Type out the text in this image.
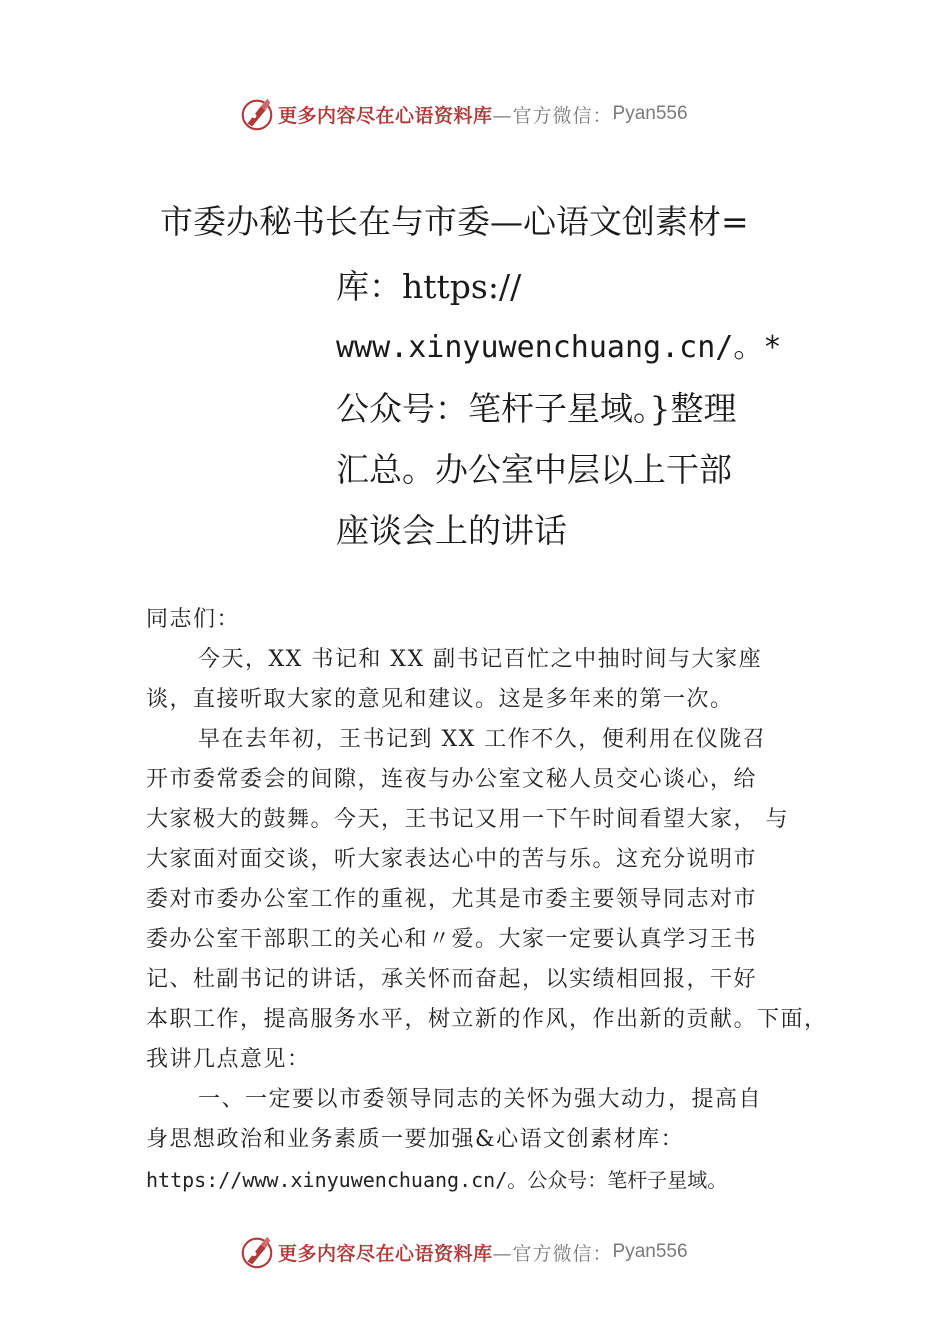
更多内容尽在心语资料库 —官方微信： Pyan556
市委办秘书长在与市委—心语文创素材=
库：https://
www.xinyuwenchuang.cn/。*
公众号：笔杆子星域。}整理
汇总。办公室中层以上干部
座谈会上的讲话
同志们：
今天，XX 书记和 XX 副书记百忙之中抽时间与大家座
谈，直接听取大家的意见和建议。这是多年来的第一次。
早在去年初，王书记到 XX 工作不久，便利用在仪陇召
开市委常委会的间隙，连夜与办公室文秘人员交心谈心，给
大家极大的鼓舞。今天，王书记又用一下午时间看望大家， 与
大家面对面交谈，听大家表达心中的苦与乐。这充分说明市
委对市委办公室工作的重视，尤其是市委主要领导同志对市
委办公室干部职工的关心和〃爱。大家一定要认真学习王书
记、杜副书记的讲话，承关怀而奋起，以实绩相回报，干好
本职工作，提高服务水平，树立新的作风，作出新的贡献。下面，
我讲几点意见：
一、一定要以市委领导同志的关怀为强大动力，提高自
身思想政治和业务素质一要加强&心语文创素材库：
https://www.xinyuwenchuang.cn/。公众号：笔杆子星域。
更多内容尽在心语资料库 —官方微信： Pyan556
